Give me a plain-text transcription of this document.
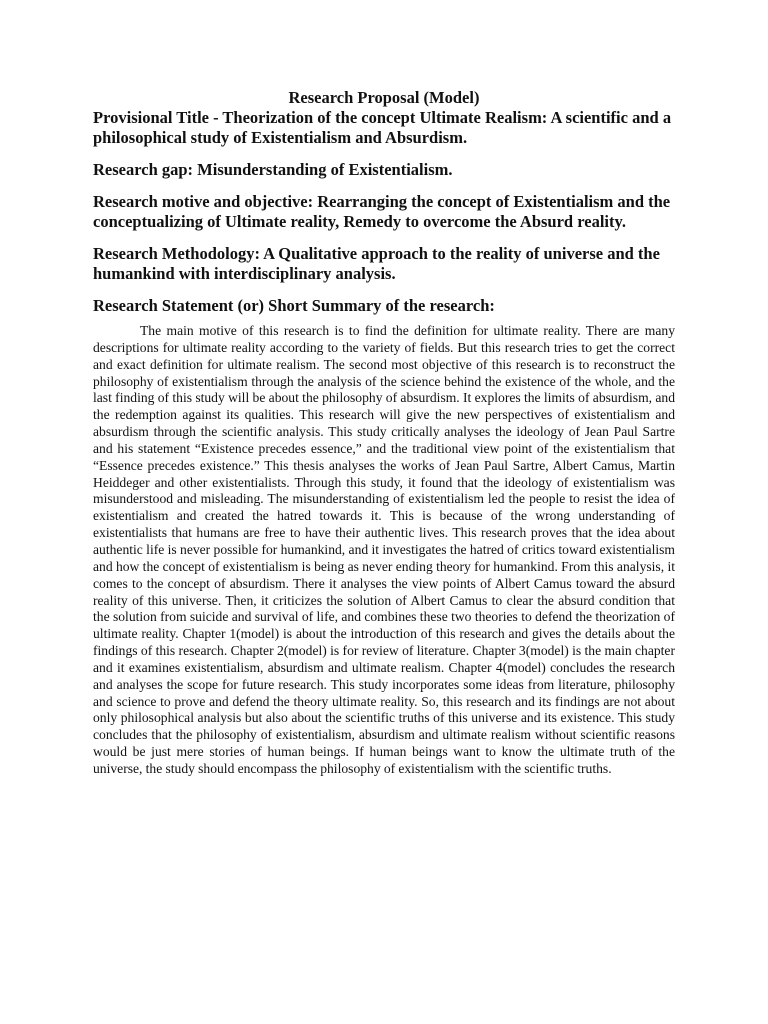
Research Proposal (Model)

Provisional Title - Theorization of the concept Ultimate Realism: A scientific and a philosophical study of Existentialism and Absurdism.

Research gap: Misunderstanding of Existentialism.

Research motive and objective: Rearranging the concept of Existentialism and the conceptualizing of Ultimate reality, Remedy to overcome the Absurd reality.

Research Methodology: A Qualitative approach to the reality of universe and the humankind with interdisciplinary analysis.

Research Statement (or) Short Summary of the research:

The main motive of this research is to find the definition for ultimate reality. There are many descriptions for ultimate reality according to the variety of fields. But this research tries to get the correct and exact definition for ultimate realism. The second most objective of this research is to reconstruct the philosophy of existentialism through the analysis of the science behind the existence of the whole, and the last finding of this study will be about the philosophy of absurdism. It explores the limits of absurdism, and the redemption against its qualities. This research will give the new perspectives of existentialism and absurdism through the scientific analysis. This study critically analyses the ideology of Jean Paul Sartre and his statement “Existence precedes essence,” and the traditional view point of the existentialism that “Essence precedes existence.” This thesis analyses the works of Jean Paul Sartre, Albert Camus, Martin Heiddeger and other existentialists. Through this study, it found that the ideology of existentialism was misunderstood and misleading. The misunderstanding of existentialism led the people to resist the idea of existentialism and created the hatred towards it. This is because of the wrong understanding of existentialists that humans are free to have their authentic lives. This research proves that the idea about authentic life is never possible for humankind, and it investigates the hatred of critics toward existentialism and how the concept of existentialism is being as never ending theory for humankind. From this analysis, it comes to the concept of absurdism. There it analyses the view points of Albert Camus toward the absurd reality of this universe. Then, it criticizes the solution of Albert Camus to clear the absurd condition that the solution from suicide and survival of life, and combines these two theories to defend the theorization of ultimate reality. Chapter 1(model) is about the introduction of this research and gives the details about the findings of this research. Chapter 2(model) is for review of literature. Chapter 3(model) is the main chapter and it examines existentialism, absurdism and ultimate realism. Chapter 4(model) concludes the research and analyses the scope for future research. This study incorporates some ideas from literature, philosophy and science to prove and defend the theory ultimate reality. So, this research and its findings are not about only philosophical analysis but also about the scientific truths of this universe and its existence. This study concludes that the philosophy of existentialism, absurdism and ultimate realism without scientific reasons would be just mere stories of human beings. If human beings want to know the ultimate truth of the universe, the study should encompass the philosophy of existentialism with the scientific truths.
